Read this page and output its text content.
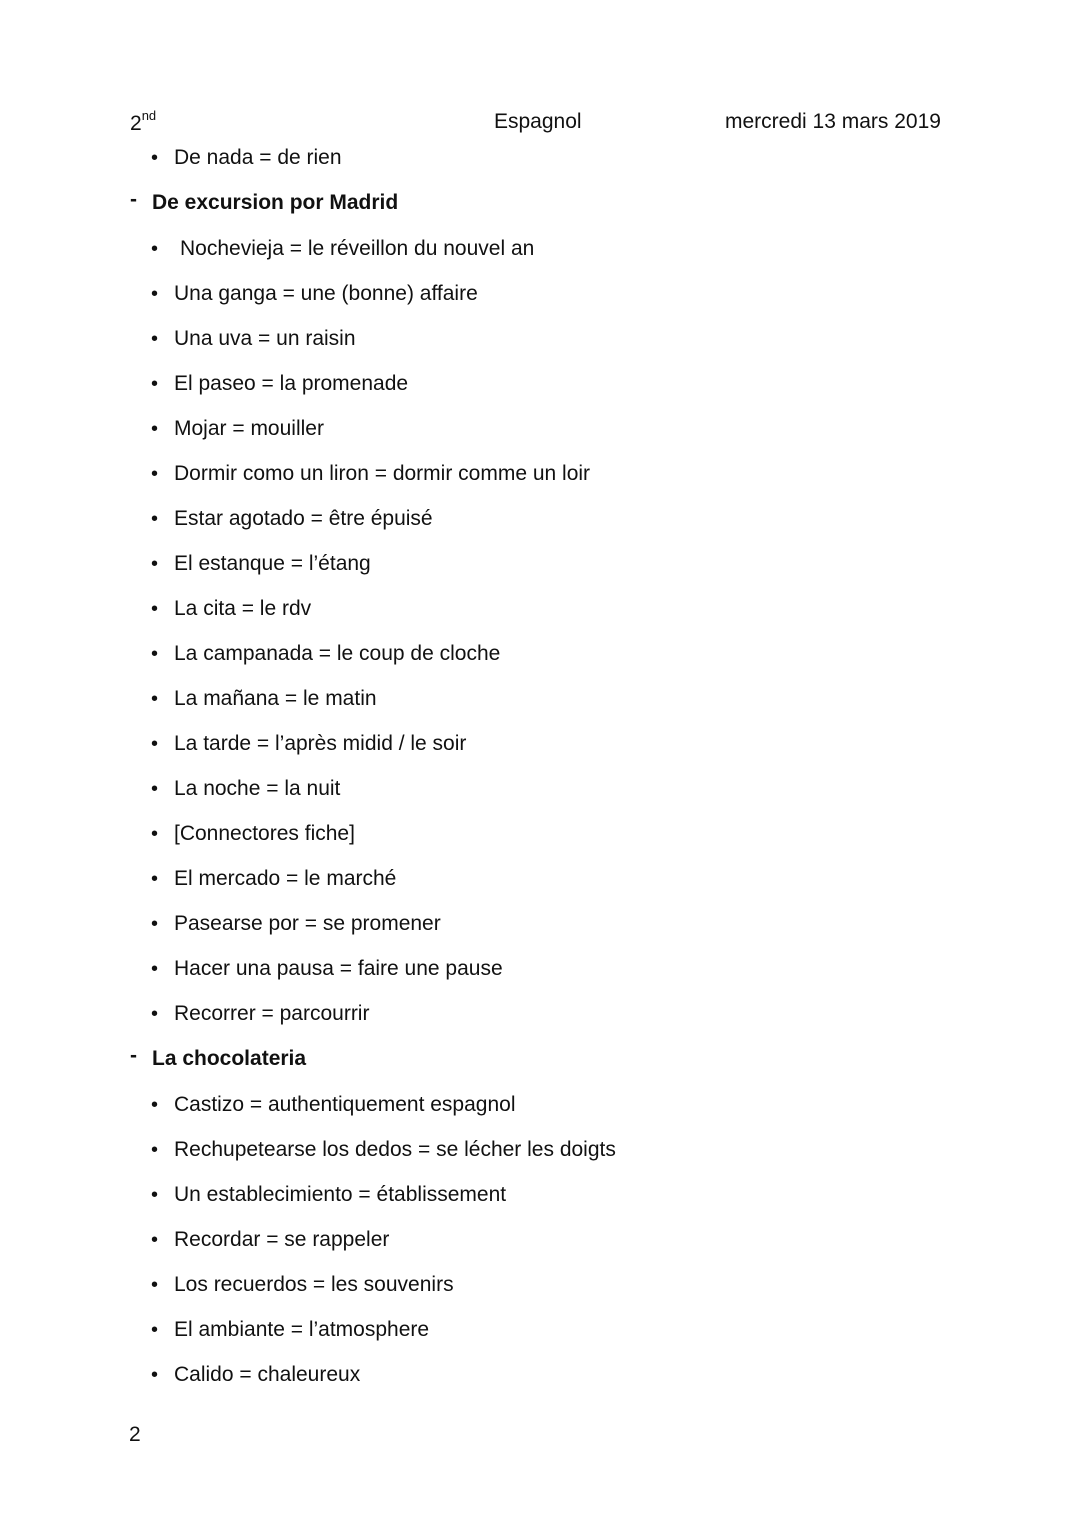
2nd	Espagnol	mercredi 13 mars 2019
• De nada = de rien
- De excursion por Madrid
• Nochevieja = le réveillon du nouvel an
• Una ganga = une (bonne) affaire
• Una uva = un raisin
• El paseo = la promenade
• Mojar = mouiller
• Dormir como un liron = dormir comme un loir
• Estar agotado = être épuisé
• El estanque = l’étang
• La cita = le rdv
• La campanada = le coup de cloche
• La mañana = le matin
• La tarde = l’après midid / le soir
• La noche = la nuit
• [Connectores fiche]
• El mercado = le marché
• Pasearse por = se promener
• Hacer una pausa = faire une pause
• Recorrer = parcourrir
- La chocolateria
• Castizo = authentiquement espagnol
• Rechupetearse los dedos = se lécher les doigts
• Un establecimiento = établissement
• Recordar = se rappeler
• Los recuerdos = les souvenirs
• El ambiante = l’atmosphere
• Calido = chaleureux
2
